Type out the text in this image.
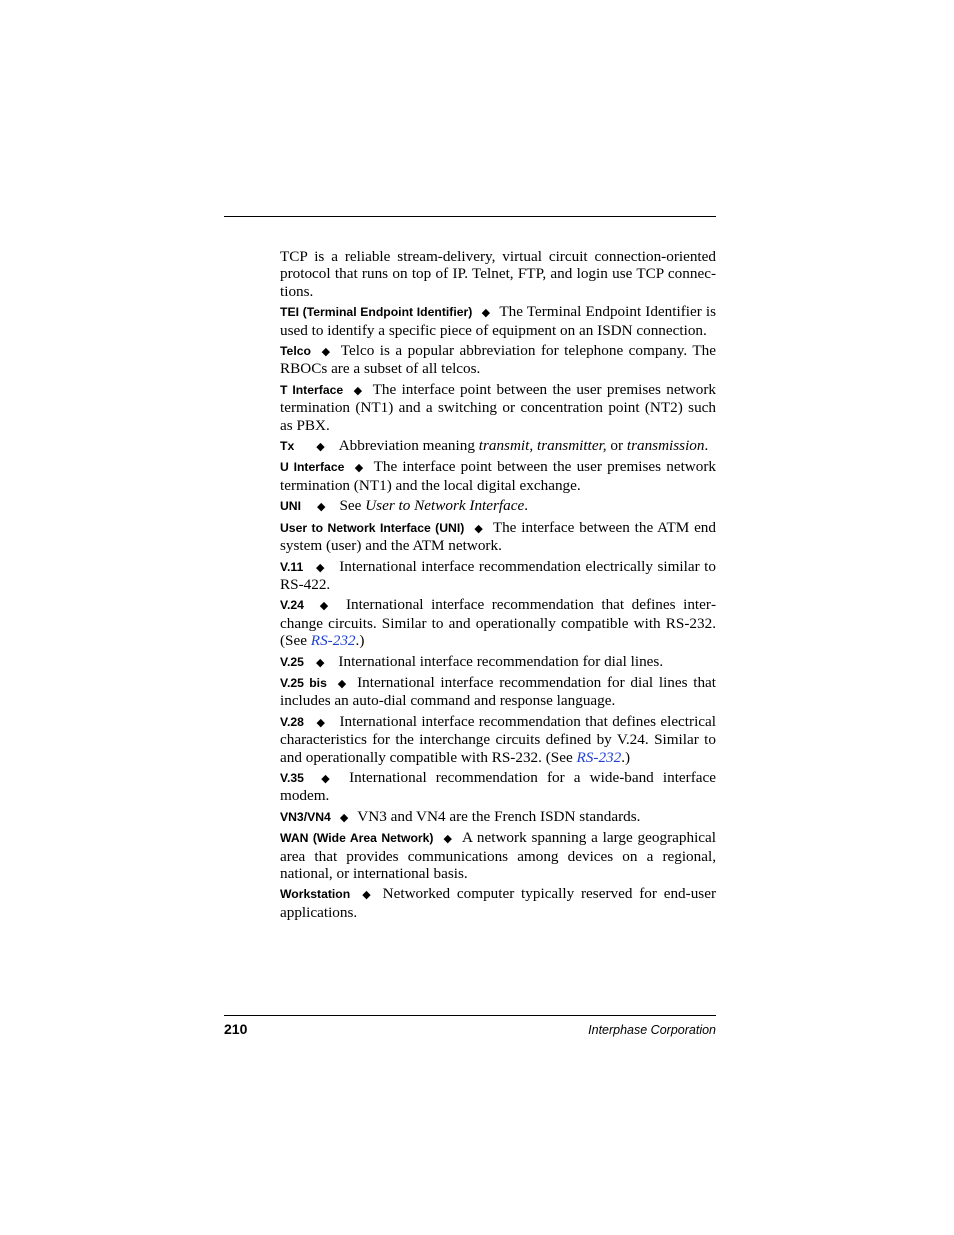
TCP is a reliable stream-delivery, virtual circuit connection-oriented protocol that runs on top of IP. Telnet, FTP, and login use TCP connections.

TEI (Terminal Endpoint Identifier) ◆ The Terminal Endpoint Identifier is used to identify a specific piece of equipment on an ISDN connection.

Telco ◆ Telco is a popular abbreviation for telephone company. The RBOCs are a subset of all telcos.

T Interface ◆ The interface point between the user premises network termination (NT1) and a switching or concentration point (NT2) such as PBX.

Tx ◆ Abbreviation meaning transmit, transmitter, or transmission.

U Interface ◆ The interface point between the user premises network termination (NT1) and the local digital exchange.

UNI ◆ See User to Network Interface.

User to Network Interface (UNI) ◆ The interface between the ATM end system (user) and the ATM network.

V.11 ◆ International interface recommendation electrically similar to RS-422.

V.24 ◆ International interface recommendation that defines interchange circuits. Similar to and operationally compatible with RS-232. (See RS-232.)

V.25 ◆ International interface recommendation for dial lines.

V.25 bis ◆ International interface recommendation for dial lines that includes an auto-dial command and response language.

V.28 ◆ International interface recommendation that defines electrical characteristics for the interchange circuits defined by V.24. Similar to and operationally compatible with RS-232. (See RS-232.)

V.35 ◆ International recommendation for a wide-band interface modem.

VN3/VN4 ◆ VN3 and VN4 are the French ISDN standards.

WAN (Wide Area Network) ◆ A network spanning a large geographical area that provides communications among devices on a regional, national, or international basis.

Workstation ◆ Networked computer typically reserved for end-user applications.

210	Interphase Corporation
